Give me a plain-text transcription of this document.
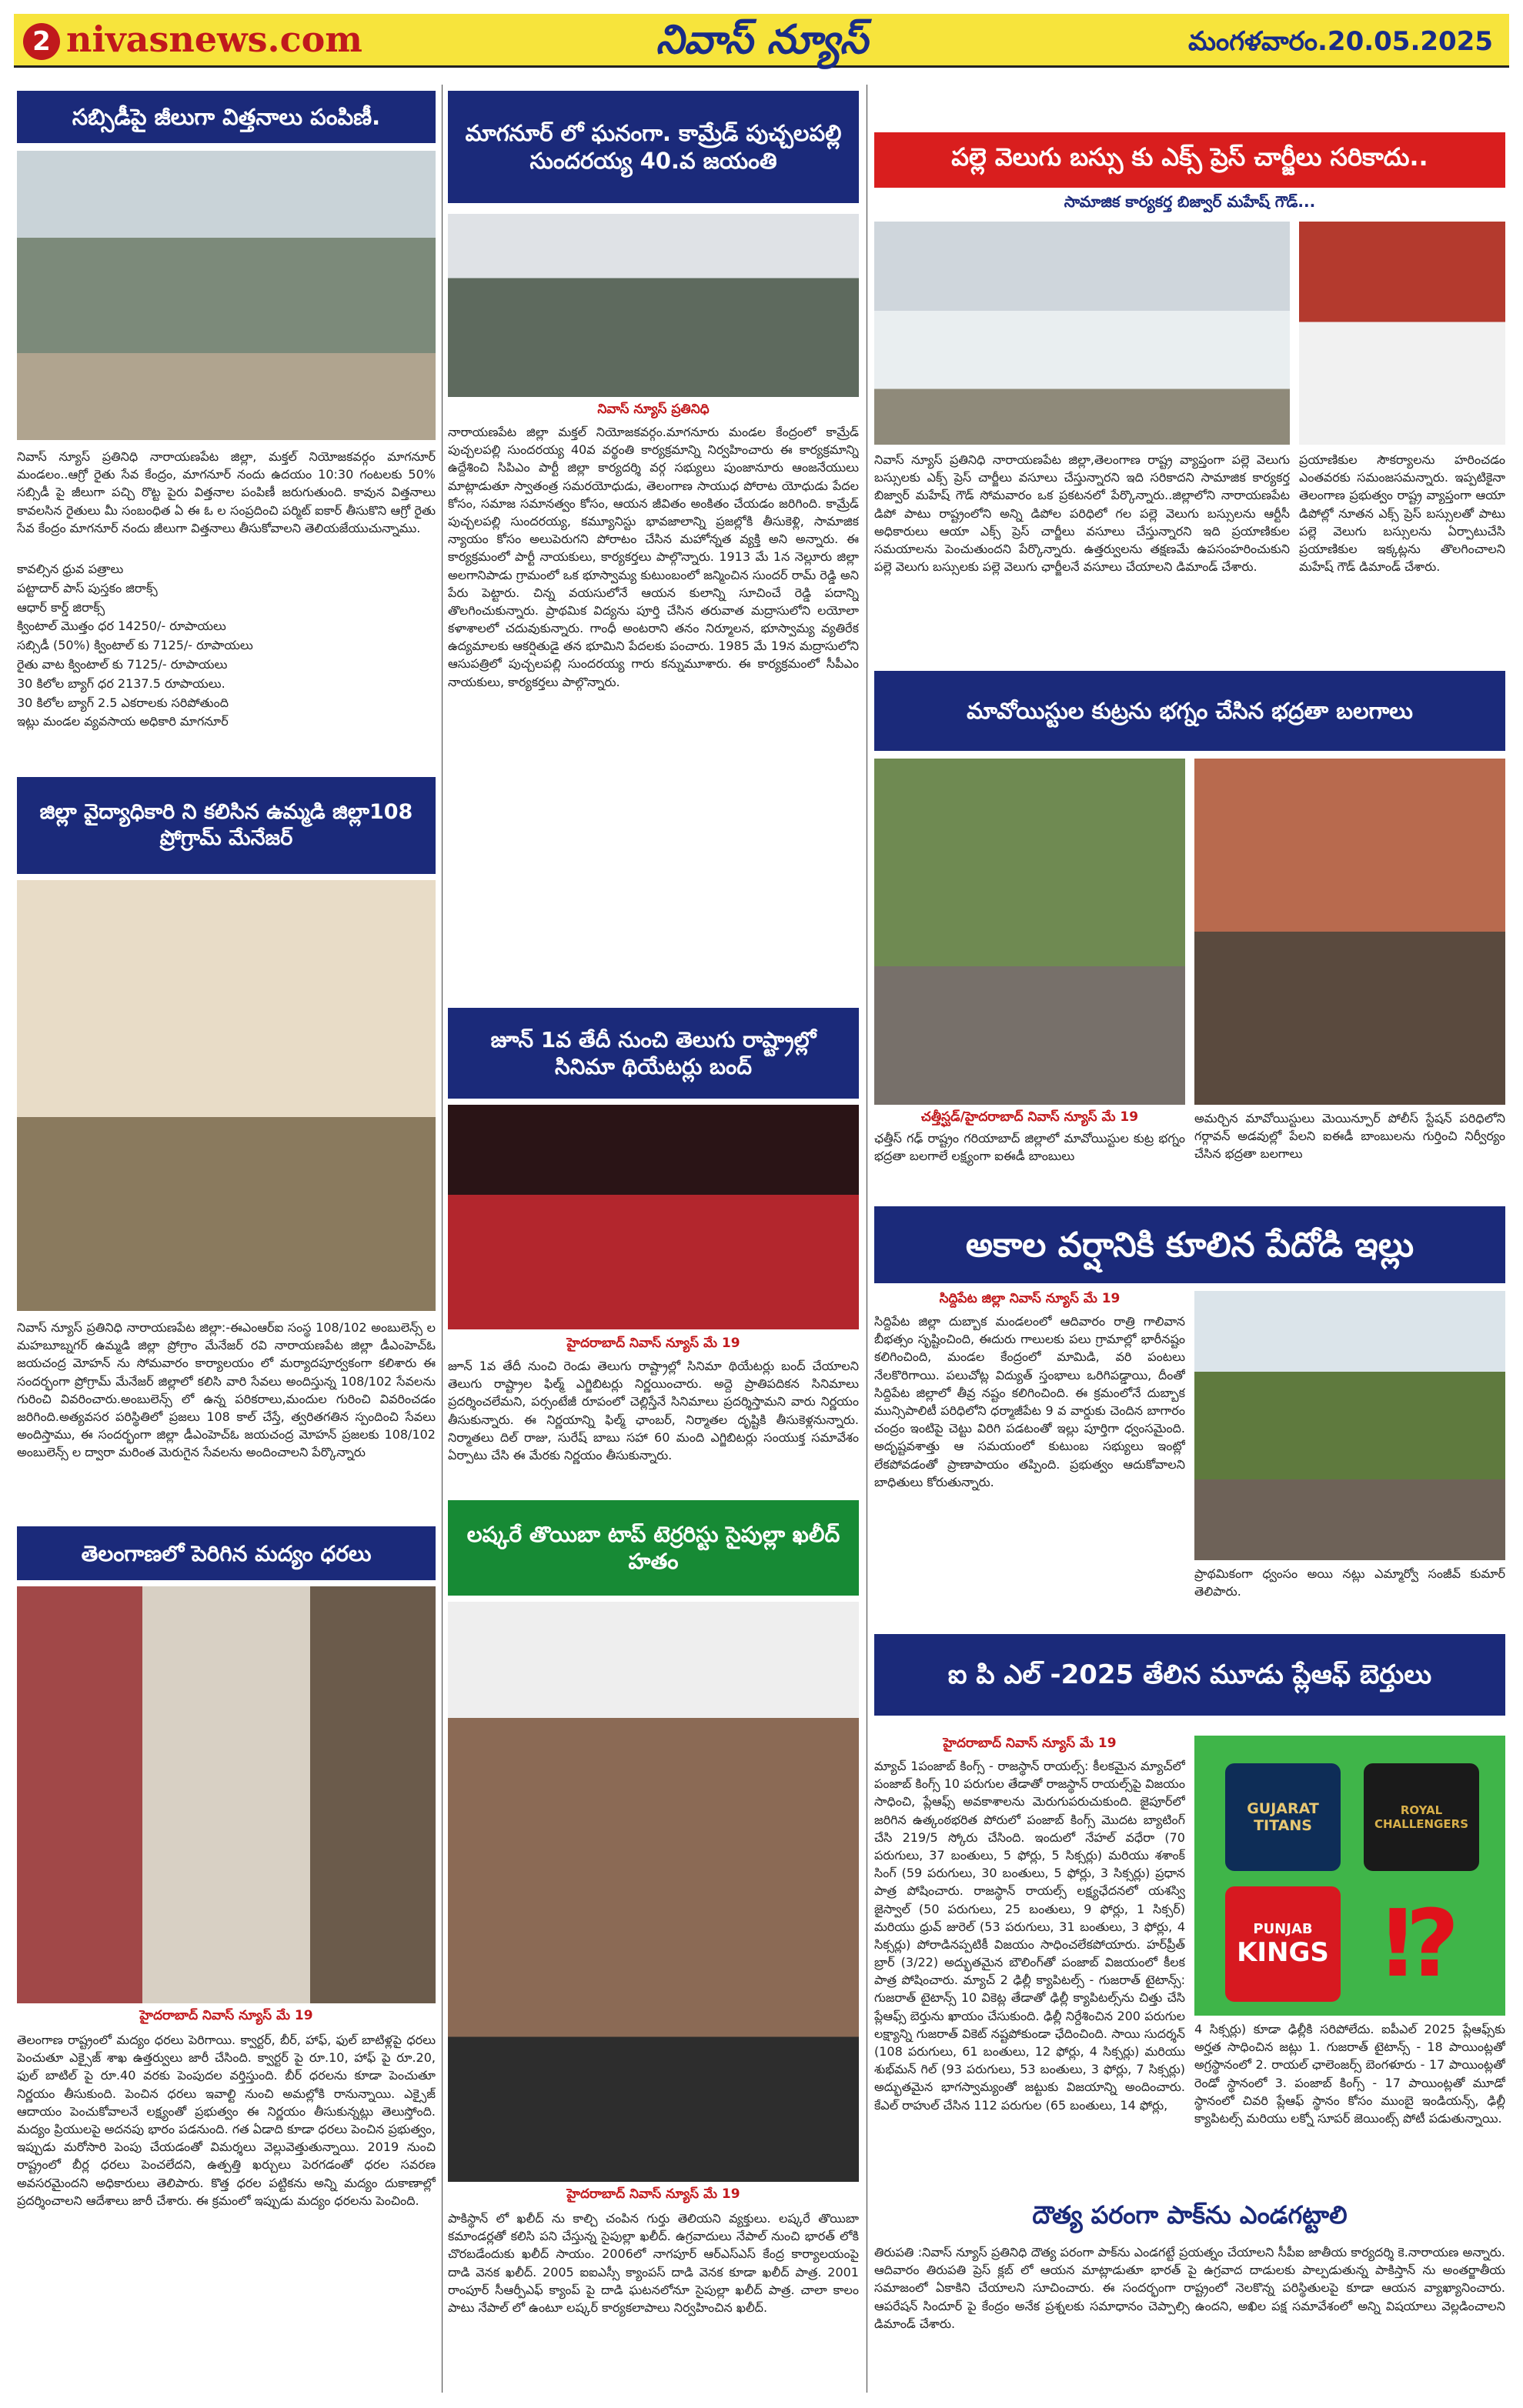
2 nivasnews.com	నివాస్ న్యూస్	మంగళవారం.20.05.2025
సబ్సిడీపై జీలుగా విత్తనాలు పంపిణీ.
నివాస్ న్యూస్ ప్రతినిధి నారాయణపేట జిల్లా, మక్తల్ నియోజకవర్గం మాగనూర్ మండలం..ఆగ్రో రైతు సేవ కేంద్రం, మాగనూర్ నందు ఉదయం 10:30 గంటలకు 50% సబ్సిడీ పై జీలుగా పచ్చి రొట్ట పైరు విత్తనాల పంపిణీ జరుగుతుంది. కావున విత్తనాలు కావలసిన రైతులు మీ సంబంధిత ఏ ఈ ఓ ల సంప్రదించి పర్మిట్ ఐకార్ తీసుకొని ఆగ్రో రైతు సేవ కేంద్రం మాగనూర్ నందు జీలుగా విత్తనాలు తీసుకోవాలని తెలియజేయుచున్నాము.
కావల్సిన ధ్రువ పత్రాలు
పట్టాదార్ పాస్ పుస్తకం జిరాక్స్
ఆధార్ కార్డ్ జిరాక్స్
క్వింటాల్ మొత్తం ధర 14250/- రూపాయలు
సబ్సిడీ (50%) క్వింటాల్ కు 7125/- రూపాయలు
రైతు వాట క్వింటాల్ కు 7125/- రూపాయలు
30 కిలోల బ్యాగ్ ధర 2137.5 రూపాయలు.
30 కిలోల బ్యాగ్ 2.5 ఎకరాలకు సరిపోతుంది
ఇట్లు మండల వ్యవసాయ అధికారి మాగనూర్
జిల్లా వైద్యాధికారి ని కలిసిన ఉమ్మడి జిల్లా108 ప్రోగ్రామ్ మేనేజర్
నివాస్ న్యూస్ ప్రతినిధి నారాయణపేట జిల్లా:-ఈఎంఆర్ఐ సంస్థ 108/102 అంబులెన్స్ ల మహబూబ్నగర్ ఉమ్మడి జిల్లా ప్రోగ్రాం మేనేజర్ రవి నారాయణపేట జిల్లా డీఎంహెచ్ఓ జయచంద్ర మోహన్ ను సోమవారం కార్యాలయం లో మర్యాదపూర్వకంగా కలిశారు ఈ సందర్భంగా ప్రోగ్రామ్ మేనేజర్ జిల్లాలో కలిసి వారి సేవలు అందిస్తున్న 108/102 సేవలను గురించి వివరించారు.అంబులెన్స్ లో ఉన్న పరికరాలు,మందుల గురించి వివరించడం జరిగింది.అత్యవసర పరిస్థితిలో ప్రజలు 108 కాల్ చేస్తే, త్వరితగతిన స్పందించి సేవలు అందిస్తాము, ఈ సందర్భంగా జిల్లా డీఎంహెచ్ఓ జయచంద్ర మోహన్ ప్రజలకు 108/102 అంబులెన్స్ ల ద్వారా మరింత మెరుగైన సేవలను అందించాలని పేర్కొన్నారు
తెలంగాణలో పెరిగిన మద్యం ధరలు
హైదరాబాద్ నివాస్ న్యూస్ మే 19
తెలంగాణ రాష్ట్రంలో మద్యం ధరలు పెరిగాయి. క్వార్టర్, బీర్, హాఫ్, ఫుల్ బాటిళ్లపై ధరలు పెంచుతూ ఎక్సైజ్ శాఖ ఉత్తర్వులు జారీ చేసింది. క్వార్టర్ పై రూ.10, హాఫ్ పై రూ.20, ఫుల్ బాటిల్ పై రూ.40 వరకు పెంపుదల వర్తిస్తుంది. బీర్ ధరలను కూడా పెంచుతూ నిర్ణయం తీసుకుంది. పెంచిన ధరలు ఇవాల్టి నుంచి అమల్లోకి రానున్నాయి. ఎక్సైజ్ ఆదాయం పెంచుకోవాలనే లక్ష్యంతో ప్రభుత్వం ఈ నిర్ణయం తీసుకున్నట్లు తెలుస్తోంది. మద్యం ప్రియులపై అదనపు భారం పడనుంది. గత ఏడాది కూడా ధరలు పెంచిన ప్రభుత్వం, ఇప్పుడు మరోసారి పెంపు చేయడంతో విమర్శలు వెల్లువెత్తుతున్నాయి. 2019 నుంచి రాష్ట్రంలో బీర్ల ధరలు పెంచలేదని, ఉత్పత్తి ఖర్చులు పెరగడంతో ధరల సవరణ అవసరమైందని అధికారులు తెలిపారు. కొత్త ధరల పట్టికను అన్ని మద్యం దుకాణాల్లో ప్రదర్శించాలని ఆదేశాలు జారీ చేశారు. ఈ క్రమంలో ఇప్పుడు మద్యం ధరలను పెంచింది.
మాగనూర్ లో ఘనంగా. కామ్రేడ్ పుచ్చలపల్లి సుందరయ్య 40.వ జయంతి
నివాస్ న్యూస్ ప్రతినిధి
నారాయణపేట జిల్లా మక్తల్ నియోజకవర్గం.మాగనూరు మండల కేంద్రంలో కామ్రేడ్ పుచ్చలపల్లి సుందరయ్య 40వ వర్థంతి కార్యక్రమాన్ని నిర్వహించారు ఈ కార్యక్రమాన్ని ఉద్దేశించి సిపిఎం పార్టీ జిల్లా కార్యదర్శి వర్గ సభ్యులు పుంజానూరు ఆంజనేయులు మాట్లాడుతూ స్వాతంత్ర సమరయోధుడు, తెలంగాణ సాయుధ పోరాట యోధుడు పేదల కోసం, సమాజ సమానత్వం కోసం, ఆయన జీవితం అంకితం చేయడం జరిగింది. కామ్రేడ్ పుచ్చలపల్లి సుందరయ్య, కమ్యూనిస్టు భావజాలాన్ని ప్రజల్లోకి తీసుకెళ్లి, సామాజిక న్యాయం కోసం అలుపెరుగని పోరాటం చేసిన మహోన్నత వ్యక్తి అని అన్నారు. ఈ కార్యక్రమంలో పార్టీ నాయకులు, కార్యకర్తలు పాల్గొన్నారు. 1913 మే 1న నెల్లూరు జిల్లా అలగానిపాడు గ్రామంలో ఒక భూస్వామ్య కుటుంబంలో జన్మించిన సుందర్ రామ్ రెడ్డి అని పేరు పెట్టారు. చిన్న వయసులోనే ఆయన కులాన్ని సూచించే రెడ్డి పదాన్ని తొలగించుకున్నారు. ప్రాథమిక విద్యను పూర్తి చేసిన తరువాత మద్రాసులోని లయోలా కళాశాలలో చదువుకున్నారు. గాంధీ అంటరాని తనం నిర్మూలన, భూస్వామ్య వ్యతిరేక ఉద్యమాలకు ఆకర్షితుడై తన భూమిని పేదలకు పంచారు. 1985 మే 19న మద్రాసులోని ఆసుపత్రిలో పుచ్చలపల్లి సుందరయ్య గారు కన్నుమూశారు. ఈ కార్యక్రమంలో సీపీఎం నాయకులు, కార్యకర్తలు పాల్గొన్నారు.
జూన్ 1వ తేదీ నుంచి తెలుగు రాష్ట్రాల్లో సినిమా థియేటర్లు బంద్
హైదరాబాద్ నివాస్ న్యూస్ మే 19
జూన్ 1వ తేదీ నుంచి రెండు తెలుగు రాష్ట్రాల్లో సినిమా థియేటర్లు బంద్ చేయాలని తెలుగు రాష్ట్రాల ఫిల్మ్ ఎగ్జిబిటర్లు నిర్ణయించారు. అద్దె ప్రాతిపదికన సినిమాలు ప్రదర్శించలేమని, పర్సంటేజీ రూపంలో చెల్లిస్తేనే సినిమాలు ప్రదర్శిస్తామని వారు నిర్ణయం తీసుకున్నారు. ఈ నిర్ణయాన్ని ఫిల్మ్ ఛాంబర్, నిర్మాతల దృష్టికి తీసుకెళ్లనున్నారు. నిర్మాతలు దిల్ రాజు, సురేష్ బాబు సహా 60 మంది ఎగ్జిబిటర్లు సంయుక్త సమావేశం ఏర్పాటు చేసి ఈ మేరకు నిర్ణయం తీసుకున్నారు.
లష్కరే తొయిబా టాప్ టెర్రరిస్టు సైపుల్లా ఖలీద్ హతం
హైదరాబాద్ నివాస్ న్యూస్ మే 19
పాకిస్థాన్ లో ఖలీద్ ను కాల్చి చంపిన గుర్తు తెలియని వ్యక్తులు. లష్కరే తొయిబా కమాండర్లతో కలిసి పని చేస్తున్న సైపుల్లా ఖలీద్. ఉగ్రవాదులు నేపాల్ నుంచి భారత్ లోకి చొరబడేందుకు ఖలీద్ సాయం. 2006లో నాగపూర్ ఆర్ఎస్ఎస్ కేంద్ర కార్యాలయంపై దాడి వెనక ఖలీద్. 2005 ఐఐఎస్సీ క్యాంపస్ దాడి వెనక కూడా ఖలీద్ పాత్ర. 2001 రాంపూర్ సీఆర్పీఎఫ్ క్యాంప్ పై దాడి ఘటనలోనూ సైపుల్లా ఖలీద్ పాత్ర. చాలా కాలం పాటు నేపాల్ లో ఉంటూ లష్కర్ కార్యకలాపాలు నిర్వహించిన ఖలీద్.
పల్లె వెలుగు బస్సు కు ఎక్స్ ప్రెస్ చార్జీలు సరికాదు..
సామాజిక కార్యకర్త బిజ్వార్ మహేష్ గౌడ్...
నివాస్ న్యూస్ ప్రతినిధి నారాయణపేట జిల్లా,తెలంగాణ రాష్ట్ర వ్యాప్తంగా పల్లె వెలుగు బస్సులకు ఎక్స్ ప్రెస్ చార్జీలు వసూలు చేస్తున్నారని ఇది సరికాదని సామాజిక కార్యకర్త బిజ్వార్ మహేష్ గౌడ్ సోమవారం ఒక ప్రకటనలో పేర్కొన్నారు..జిల్లాలోని నారాయణపేట డిపో పాటు రాష్ట్రంలోని అన్ని డిపోల పరిధిలో గల పల్లె వెలుగు బస్సులను ఆర్టీసీ అధికారులు ఆయా ఎక్స్ ప్రెస్ చార్జీలు వసూలు చేస్తున్నారని ఇది ప్రయాణికుల సమయాలను పెంచుతుందని పేర్కొన్నారు. ఉత్తర్వులను తక్షణమే ఉపసంహరించుకుని పల్లె వెలుగు బస్సులకు పల్లె వెలుగు ఛార్జీలనే వసూలు చేయాలని డిమాండ్ చేశారు.
ప్రయాణికుల సౌకర్యాలను హరించడం ఎంతవరకు సమంజసమన్నారు. ఇప్పటికైనా తెలంగాణ ప్రభుత్వం రాష్ట్ర వ్యాప్తంగా ఆయా డిపోల్లో నూతన ఎక్స్ ప్రెస్ బస్సులతో పాటు పల్లె వెలుగు బస్సులను ఏర్పాటుచేసి ప్రయాణికుల ఇక్కట్లను తొలగించాలని మహేష్ గౌడ్ డిమాండ్ చేశారు.
మావోయిస్టుల కుట్రను భగ్నం చేసిన భద్రతా బలగాలు
చత్తీస్ఘడ్/హైదరాబాద్ నివాస్ న్యూస్ మే 19
ఛత్తీస్ గఢ్ రాష్ట్రం గరియాబాద్ జిల్లాలో మావోయిస్టుల కుట్ర భగ్నం భద్రతా బలగాలే లక్ష్యంగా ఐఈడీ బాంబులు
అమర్చిన మావోయిస్టులు మెయిన్పూర్ పోలీస్ స్టేషన్ పరిధిలోని గర్గావన్ అడవుల్లో పేలని ఐఈడీ బాంబులను గుర్తించి నిర్వీర్యం చేసిన భద్రతా బలగాలు
అకాల వర్షానికి కూలిన పేదోడి ఇల్లు
సిద్దిపేట జిల్లా నివాస్ న్యూస్ మే 19
సిద్దిపేట జిల్లా దుబ్బాక మండలంలో ఆదివారం రాత్రి గాలివాన బీభత్సం సృష్టించింది, ఈదురు గాలులకు పలు గ్రామాల్లో భారీనష్టం కలిగించింది, మండల కేంద్రంలో మామిడి, వరి పంటలు నేలకొరిగాయి. పలుచోట్ల విద్యుత్ స్తంభాలు ఒరిగిపడ్డాయి, దీంతో సిద్దిపేట జిల్లాలో తీవ్ర నష్టం కలిగించింది. ఈ క్రమంలోనే దుబ్బాక మున్సిపాలిటీ పరిధిలోని ధర్మాజీపేట 9 వ వార్డుకు చెందిన బాగారం చంద్రం ఇంటిపై చెట్టు విరిగి పడటంతో ఇల్లు పూర్తిగా ధ్వంసమైంది. అదృష్టవశాత్తు ఆ సమయంలో కుటుంబ సభ్యులు ఇంట్లో లేకపోవడంతో ప్రాణాపాయం తప్పింది. ప్రభుత్వం ఆదుకోవాలని బాధితులు కోరుతున్నారు.
ప్రాథమికంగా ధ్వంసం అయి నట్లు ఎమ్మార్వో సంజీవ్ కుమార్ తెలిపారు.
ఐ పి ఎల్ -2025 తేలిన మూడు ప్లేఆఫ్ బెర్తులు
హైదరాబాద్ నివాస్ న్యూస్ మే 19
మ్యాచ్ 1పంజాబ్ కింగ్స్ - రాజస్థాన్ రాయల్స్: కీలకమైన మ్యాచ్‌లో పంజాబ్ కింగ్స్ 10 పరుగుల తేడాతో రాజస్థాన్ రాయల్స్‌పై విజయం సాధించి, ప్లేఆఫ్స్ అవకాశాలను మెరుగుపరుచుకుంది. జైపూర్‌లో జరిగిన ఉత్కంఠభరిత పోరులో పంజాబ్ కింగ్స్ మొదట బ్యాటింగ్ చేసి 219/5 స్కోరు చేసింది. ఇందులో నేహల్ వధేరా (70 పరుగులు, 37 బంతులు, 5 ఫోర్లు, 5 సిక్సర్లు) మరియు శశాంక్ సింగ్ (59 పరుగులు, 30 బంతులు, 5 ఫోర్లు, 3 సిక్సర్లు) ప్రధాన పాత్ర పోషించారు. రాజస్థాన్ రాయల్స్ లక్ష్యఛేదనలో యశస్వి జైస్వాల్ (50 పరుగులు, 25 బంతులు, 9 ఫోర్లు, 1 సిక్సర్) మరియు ధ్రువ్ జురెల్ (53 పరుగులు, 31 బంతులు, 3 ఫోర్లు, 4 సిక్సర్లు) పోరాడినప్పటికీ విజయం సాధించలేకపోయారు. హర్‌ప్రీత్ బ్రార్ (3/22) అద్భుతమైన బౌలింగ్‌తో పంజాబ్ విజయంలో కీలక పాత్ర పోషించారు. మ్యాచ్ 2 ఢిల్లీ క్యాపిటల్స్ - గుజరాత్ టైటాన్స్: గుజరాత్ టైటాన్స్ 10 వికెట్ల తేడాతో ఢిల్లీ క్యాపిటల్స్‌ను చిత్తు చేసి ప్లేఆఫ్స్ బెర్తును ఖాయం చేసుకుంది. ఢిల్లీ నిర్దేశించిన 200 పరుగుల లక్ష్యాన్ని గుజరాత్ వికెట్ నష్టపోకుండా ఛేదించింది. సాయి సుదర్శన్ (108 పరుగులు, 61 బంతులు, 12 ఫోర్లు, 4 సిక్సర్లు) మరియు శుభ్‌మన్ గిల్ (93 పరుగులు, 53 బంతులు, 3 ఫోర్లు, 7 సిక్సర్లు) అద్భుతమైన భాగస్వామ్యంతో జట్టుకు విజయాన్ని అందించారు. కేఎల్ రాహుల్ చేసిన 112 పరుగుల (65 బంతులు, 14 ఫోర్లు,
GUJARAT TITANS
ROYAL CHALLENGERS
PUNJAB
KINGS ⁉
4 సిక్సర్లు) కూడా ఢిల్లీకి సరిపోలేదు. ఐపీఎల్ 2025 ప్లేఆఫ్స్‌కు అర్హత సాధించిన జట్లు 1. గుజరాత్ టైటాన్స్ - 18 పాయింట్లతో అగ్రస్థానంలో 2. రాయల్ ఛాలెంజర్స్ బెంగళూరు - 17 పాయింట్లతో రెండో స్థానంలో 3. పంజాబ్ కింగ్స్ - 17 పాయింట్లతో మూడో స్థానంలో చివరి ప్లేఆఫ్ స్థానం కోసం ముంబై ఇండియన్స్, ఢిల్లీ క్యాపిటల్స్ మరియు లక్నో సూపర్ జెయింట్స్ పోటీ పడుతున్నాయి.
దౌత్య పరంగా పాక్‌ను ఎండగట్టాలి
తిరుపతి :నివాస్ న్యూస్ ప్రతినిధి దౌత్య పరంగా పాక్‌ను ఎండగట్టే ప్రయత్నం చేయాలని సీపీఐ జాతీయ కార్యదర్శి కె.నారాయణ అన్నారు. ఆదివారం తిరుపతి ప్రెస్ క్లబ్ లో ఆయన మాట్లాడుతూ భారత్ పై ఉగ్రవాద దాడులకు పాల్పడుతున్న పాకిస్తాన్ ను అంతర్జాతీయ సమాజంలో ఏకాకిని చేయాలని సూచించారు. ఈ సందర్భంగా రాష్ట్రంలో నెలకొన్న పరిస్థితులపై కూడా ఆయన వ్యాఖ్యానించారు. ఆపరేషన్ సిందూర్ పై కేంద్రం అనేక ప్రశ్నలకు సమాధానం చెప్పాల్సి ఉందని, అఖిల పక్ష సమావేశంలో అన్ని విషయాలు వెల్లడించాలని డిమాండ్ చేశారు.
